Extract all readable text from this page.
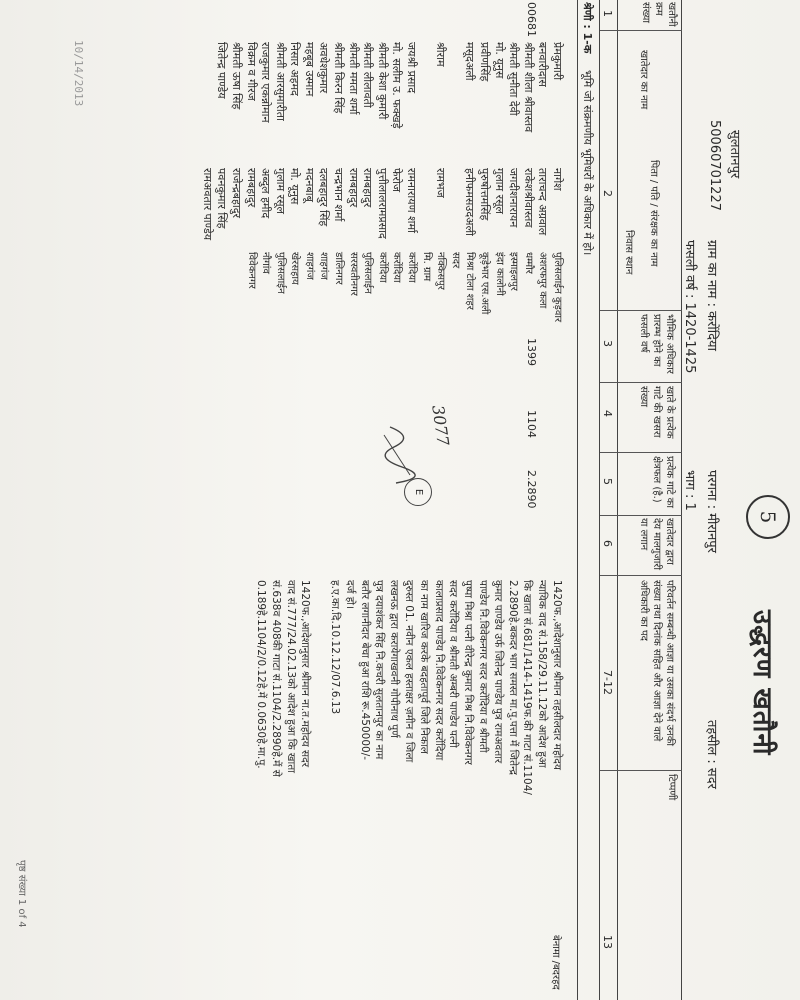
10/14/2013
उद्धरण खतौनी
5
सुलतानपुर
50060701227
ग्राम का नाम : करोंदिया
फसली वर्ष : 1420-1425
परगना : मीरानपुर
भाग : 1
तहसील : सदर
खतौनी क्रम संख्या
खातेदार का नाम
पिता / पति / संरक्षक का नाम
निवास स्थान
भौमिक अधिकार प्रारम्भ होने का फसली वर्ष
खाते के प्रत्येक गाटे की खसरा संख्या
प्रत्येक गाटे का क्षेत्रफल (है.)
खातेदार द्वारा देय मालगुजारी या लगान
परिवर्तन सम्बन्धी आज्ञा या उसका संदर्भ उनकी संख्या तथा दिनांक सहित और आज्ञा देने वाले अधिकारी का पद
टिप्पणी
1
2
3
4
5
6
7-12
13
श्रेणी : 1-क
भूमि जो संक्रमणीय भूमिधरों के अधिकार में हो।
00681
प्रेमकुमारी
बनवारीदास
श्रीमती शीला श्रीवास्तव
श्रीमती सुनीता देवी
मो. यूनुस
प्रवीणसिंह
मसूदअली
श्रीराम
जयश्री प्रसाद
मो. सलीम उ. फक्खड़े
श्रीमती केशा कुमारी
श्रीमती लीलावती
श्रीमती ममता शर्मा
श्रीमती किरन सिंह
अवधेशकुमार
महबूब उस्मान
निसार अहमद
श्रीमती आरसुमारीता
राजकुमार एकन्नोमान
विक्रम व गीरज
श्रीमती ऊषा सिंह
जितेन्द्र पाण्डेय
नागेश
ताराचन्द अग्रवाल
राकेशश्रीवास्तव
जगदीशनारायन
गुलाम रसूल
पुरुषोत्तमसिंह
हनीफमसउदअली
रामभज
रामनारायण शर्मा
फेरोज
पुत्तीलालरामप्रसाद
रामबहादुर
रामबहादुर
चन्द्रभान शर्मा
दलबहादुर सिंह
मदनबाबू
मो. यूनुस
गुलाम रसूल
अब्दुल हमीद
रामबहादुर
राजेन्द्रबहादुर
पवनकुमार सिंह
रामअवतार पाण्डेय
पुलिसलाईन कुड़वार
अशरफपुर कला
धम्मौर
इस्माइलपुर
इंदा कालोनी
कूड़ेभार एस.अली
मिश्रा टोला शहर
सदर
नक्किसपुर
मि. ग्राम
करोंदिया
करोंदिया
करोंदिया
पुलिसलाईन
सरस्वतीनगर
डालिनगर
शाहगंज
शाहगंज
खेरसहाय
पुलिसलाईन
नौगांव
विवेकनगर
1399
1104
2.2890
3077
E
1420फ.,आदेशानुसार श्रीमान तहसीलदार महोदय
न्यायिक वाद सं.158/29.11.12को आदेश हुआ
कि खाता सं.681/1414-1419फ.की गाटा सं.1104/
2.2890हे.बकदर भाग समस्त मा.पु.पत्ता में जितेन्द्र
कुमार पाण्डेय उर्फ जितेन्द्र पाण्डेय पुत्र रामअवतार
पाण्डेय नि.विवेकनगर सदर करोंदिया व श्रीमती
पुष्पा मिश्रा पत्नी वीरेन्द्र कुमार मिश्र नि.विवेकनगर
सदर करोंदिया व श्रीमती अम्बरी पाण्डेय पत्नी
कालाप्रसाद पाण्डेय नि.विवेकनगर सदर करोंदिया
का नाम खारिज करके बदहतापूर्व जिले निकाल
दुरुस्त 01. नवीन एकल हस्ताक्षर ज़मीन व जिला
लखनऊ द्वारा करायेगाखवनी गोपीनाथ पुर्ण
पुत्र दयाशंकर सिंह नि.कचरी सुलतानपुर का नाम
बतौर लगानीदार बेचा हुआ राशि रू.450000/-
दर्ज हो।
ह.ए.का.दि.10.12.12/07.6.13
1420फ.,आदेशानुसार श्रीमान ना.त.महोदय सदर
वाद सं.777/24.02.13को आदेश हुआ कि खाता
सं.638व 408की गाटा सं.1104/2.2890हे.में से
0.189हे.1104/2/0.12हे.में 0.0630हे.मा.पु.
बेनामा /बदरहद
पृष्ठ संख्या 1 of 4
